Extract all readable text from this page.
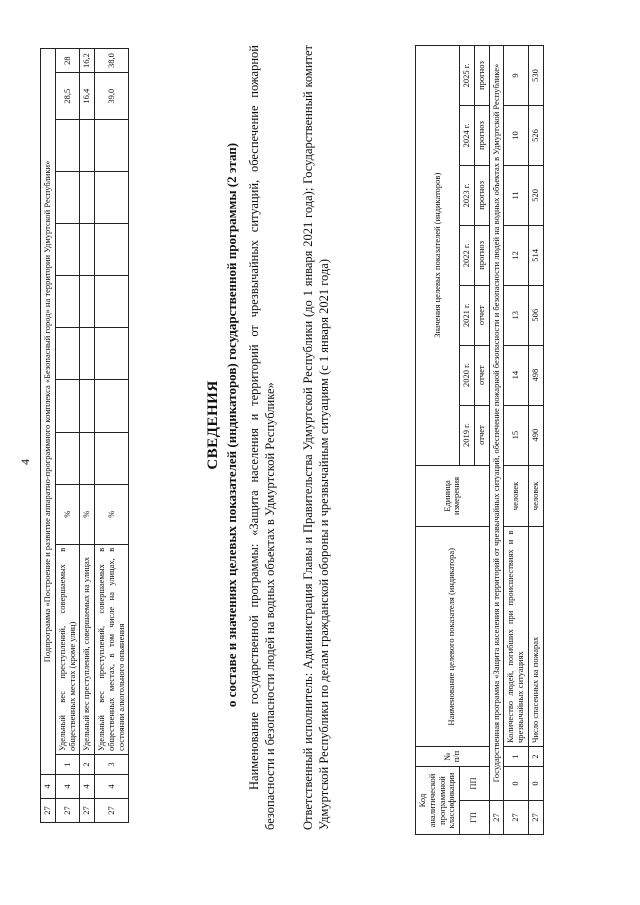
4
27	4	Подпрограмма «Построение и развитие аппаратно-программного комплекса «Безопасный город» на территории Удмуртской Республики»											
27	4	1	Удельный вес преступлений, совершаемых в общественных местах (кроме улиц)	%								28,5	28
27	4	2	Удельный вес преступлений, совершаемых на улицах	%								16,4	16,2
27	4	3	Удельный вес преступлений, совершаемых в общественных местах, в том числе на улицах, в состоянии алкогольного опьянения	%								39,0	38,0
СВЕДЕНИЯ о составе и значениях целевых показателей (индикаторов) государственной программы (2 этап) Наименование государственной программы: «Защита населения и территорий от чрезвычайных ситуаций, обеспечение пожарной безопасности и безопасности людей на водных объектах в Удмуртской Республике» Ответственный исполнитель: Администрация Главы и Правительства Удмуртской Республики (до 1 января 2021 года); Государственный комитет Удмуртской Республики по делам гражданской обороны и чрезвычайным ситуациям (с 1 января 2021 года)	Код аналитической программной классификации		№ п/п	Наименование целевого показателя (индикатора)	Единица измерения	Значения целевых показателей (индикаторов)						
ГП	ПП				2019 г.	2020 г.	2021 г.	2022 г.	2023 г.	2024 г.	2025 г.
					отчет	отчет	отчет	прогноз	прогноз	прогноз	прогноз
27	Государственная программа «Защита населения и территорий от чрезвычайных ситуаций, обеспечение пожарной безопасности и безопасности людей на водных объектах в Удмуртской Республике»										
27	0	1	Количество людей, погибших при происшествиях и в чрезвычайных ситуациях	человек	15	14	13	12	11	10	9
27	0	2	Число спасенных на пожарах	человек	490	498	506	514	520	526	530
